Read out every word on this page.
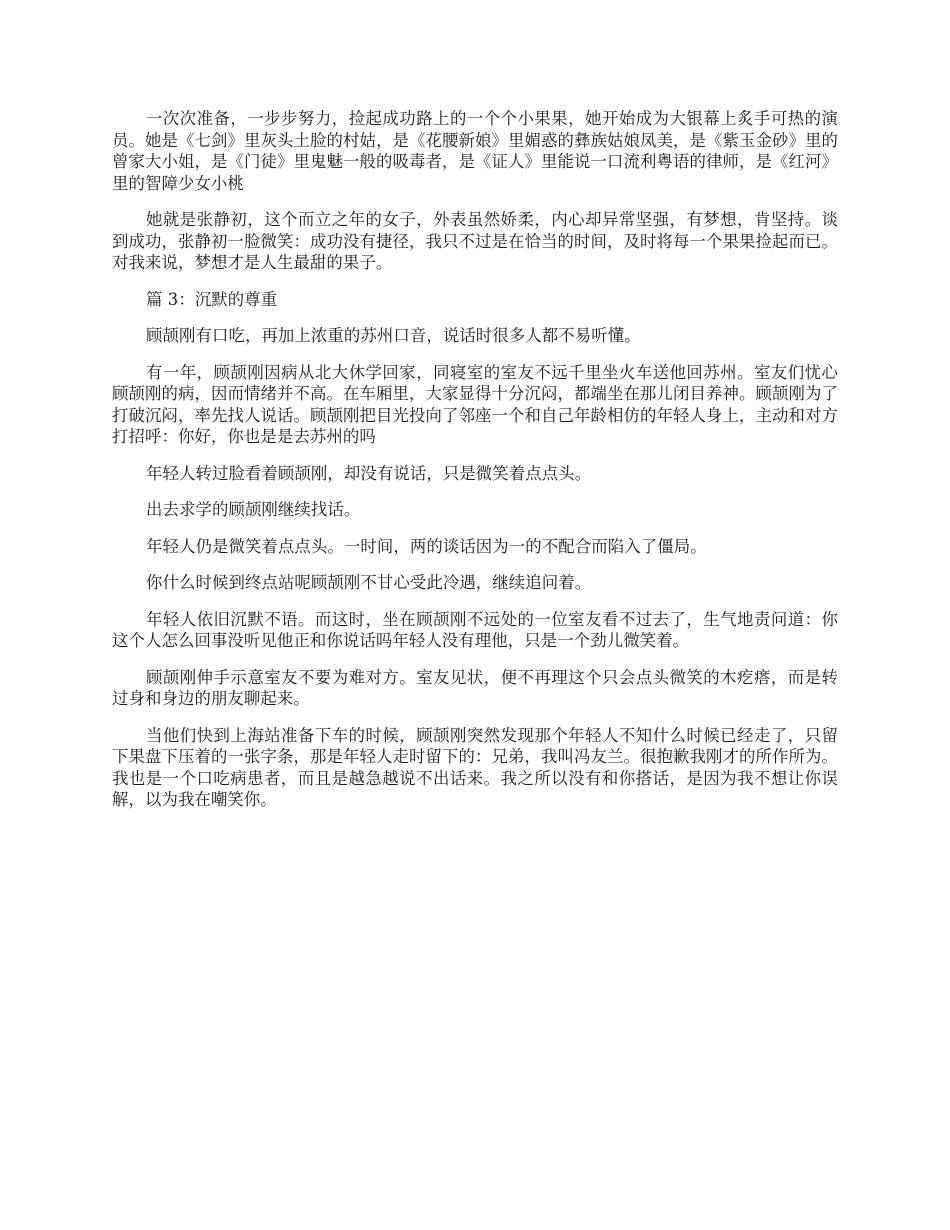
一次次准备，一步步努力，捡起成功路上的一个个小果果，她开始成为大银幕上炙手可热的演员。她是《七剑》里灰头土脸的村姑，是《花腰新娘》里媚惑的彝族姑娘凤美，是《紫玉金砂》里的曾家大小姐，是《门徒》里鬼魅一般的吸毒者，是《证人》里能说一口流利粤语的律师，是《红河》里的智障少女小桃

她就是张静初，这个而立之年的女子，外表虽然娇柔，内心却异常坚强，有梦想，肯坚持。谈到成功，张静初一脸微笑：成功没有捷径，我只不过是在恰当的时间，及时将每一个果果捡起而已。对我来说，梦想才是人生最甜的果子。

篇 3：沉默的尊重

顾颉刚有口吃，再加上浓重的苏州口音，说话时很多人都不易听懂。

有一年，顾颉刚因病从北大休学回家，同寝室的室友不远千里坐火车送他回苏州。室友们忧心顾颉刚的病，因而情绪并不高。在车厢里，大家显得十分沉闷，都端坐在那儿闭目养神。顾颉刚为了打破沉闷，率先找人说话。顾颉刚把目光投向了邻座一个和自己年龄相仿的年轻人身上，主动和对方打招呼：你好，你也是是去苏州的吗

年轻人转过脸看着顾颉刚，却没有说话，只是微笑着点点头。

出去求学的顾颉刚继续找话。

年轻人仍是微笑着点点头。一时间，两的谈话因为一的不配合而陷入了僵局。

你什么时候到终点站呢顾颉刚不甘心受此冷遇，继续追问着。

年轻人依旧沉默不语。而这时，坐在顾颉刚不远处的一位室友看不过去了，生气地责问道：你这个人怎么回事没听见他正和你说话吗年轻人没有理他，只是一个劲儿微笑着。

顾颉刚伸手示意室友不要为难对方。室友见状，便不再理这个只会点头微笑的木疙瘩，而是转过身和身边的朋友聊起来。

当他们快到上海站准备下车的时候，顾颉刚突然发现那个年轻人不知什么时候已经走了，只留下果盘下压着的一张字条，那是年轻人走时留下的：兄弟，我叫冯友兰。很抱歉我刚才的所作所为。我也是一个口吃病患者，而且是越急越说不出话来。我之所以没有和你搭话，是因为我不想让你误解，以为我在嘲笑你。
